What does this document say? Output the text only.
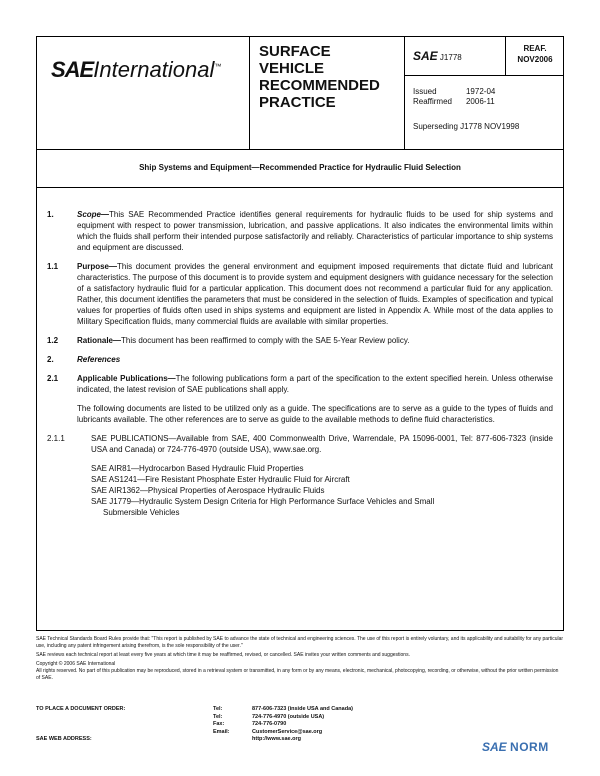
SAEInternational™
SURFACE
VEHICLE
RECOMMENDED
PRACTICE
SAE J1778
REAF.
NOV2006
Issued	1972-04
Reaffirmed	2006-11
Superseding J1778 NOV1998
Ship Systems and Equipment—Recommended Practice for Hydraulic Fluid Selection
1.	Scope—This SAE Recommended Practice identifies general requirements for hydraulic fluids to be used for ship systems and equipment with respect to power transmission, lubrication, and passive applications. It also indicates the environmental limits within which the fluids shall perform their intended purpose satisfactorily and reliably. Characteristics of particular importance to ship systems and equipment are discussed.
1.1 Purpose—This document provides the general environment and equipment imposed requirements that dictate fluid and lubricant characteristics. The purpose of this document is to provide system and equipment designers with guidance necessary for the selection of a satisfactory hydraulic fluid for a particular application. This document does not recommend a particular fluid for any application. Rather, this document identifies the parameters that must be considered in the selection of fluids. Examples of specification and typical values for properties of fluids often used in ships systems and equipment are listed in Appendix A. While most of the data applies to Military Specification fluids, many commercial fluids are available with similar properties.
1.2 Rationale—This document has been reaffirmed to comply with the SAE 5-Year Review policy.
2.	References
2.1 Applicable Publications—The following publications form a part of the specification to the extent specified herein. Unless otherwise indicated, the latest revision of SAE publications shall apply.
The following documents are listed to be utilized only as a guide. The specifications are to serve as a guide to the types of fluids and lubricants available. The other references are to serve as guide to the available methods to define fluid characteristics.
2.1.1	SAE PUBLICATIONS—Available from SAE, 400 Commonwealth Drive, Warrendale, PA 15096-0001, Tel: 877-606-7323 (inside USA and Canada) or 724-776-4970 (outside USA), www.sae.org.
SAE AIR81—Hydrocarbon Based Hydraulic Fluid Properties
SAE AS1241—Fire Resistant Phosphate Ester Hydraulic Fluid for Aircraft
SAE AIR1362—Physical Properties of Aerospace Hydraulic Fluids
SAE J1779—Hydraulic System Design Criteria for High Performance Surface Vehicles and Small
Submersible Vehicles
SAE Technical Standards Board Rules provide that: "This report is published by SAE to advance the state of technical and engineering sciences. The use of this report is entirely voluntary, and its applicability and suitability for any particular use, including any patent infringement arising therefrom, is the sole responsibility of the user."
SAE reviews each technical report at least every five years at which time it may be reaffirmed, revised, or cancelled. SAE invites your written comments and suggestions.
Copyright © 2006 SAE International
All rights reserved. No part of this publication may be reproduced, stored in a retrieval system or transmitted, in any form or by any means, electronic, mechanical, photocopying, recording, or otherwise, without the prior written permission of SAE.
TO PLACE A DOCUMENT ORDER:	Tel:	877-606-7323 (inside USA and Canada)
	Tel:	724-776-4970 (outside USA)
	Fax:	724-776-0790
	Email:	CustomerService@sae.org
SAE WEB ADDRESS:		http://www.sae.org
SAE NORM
